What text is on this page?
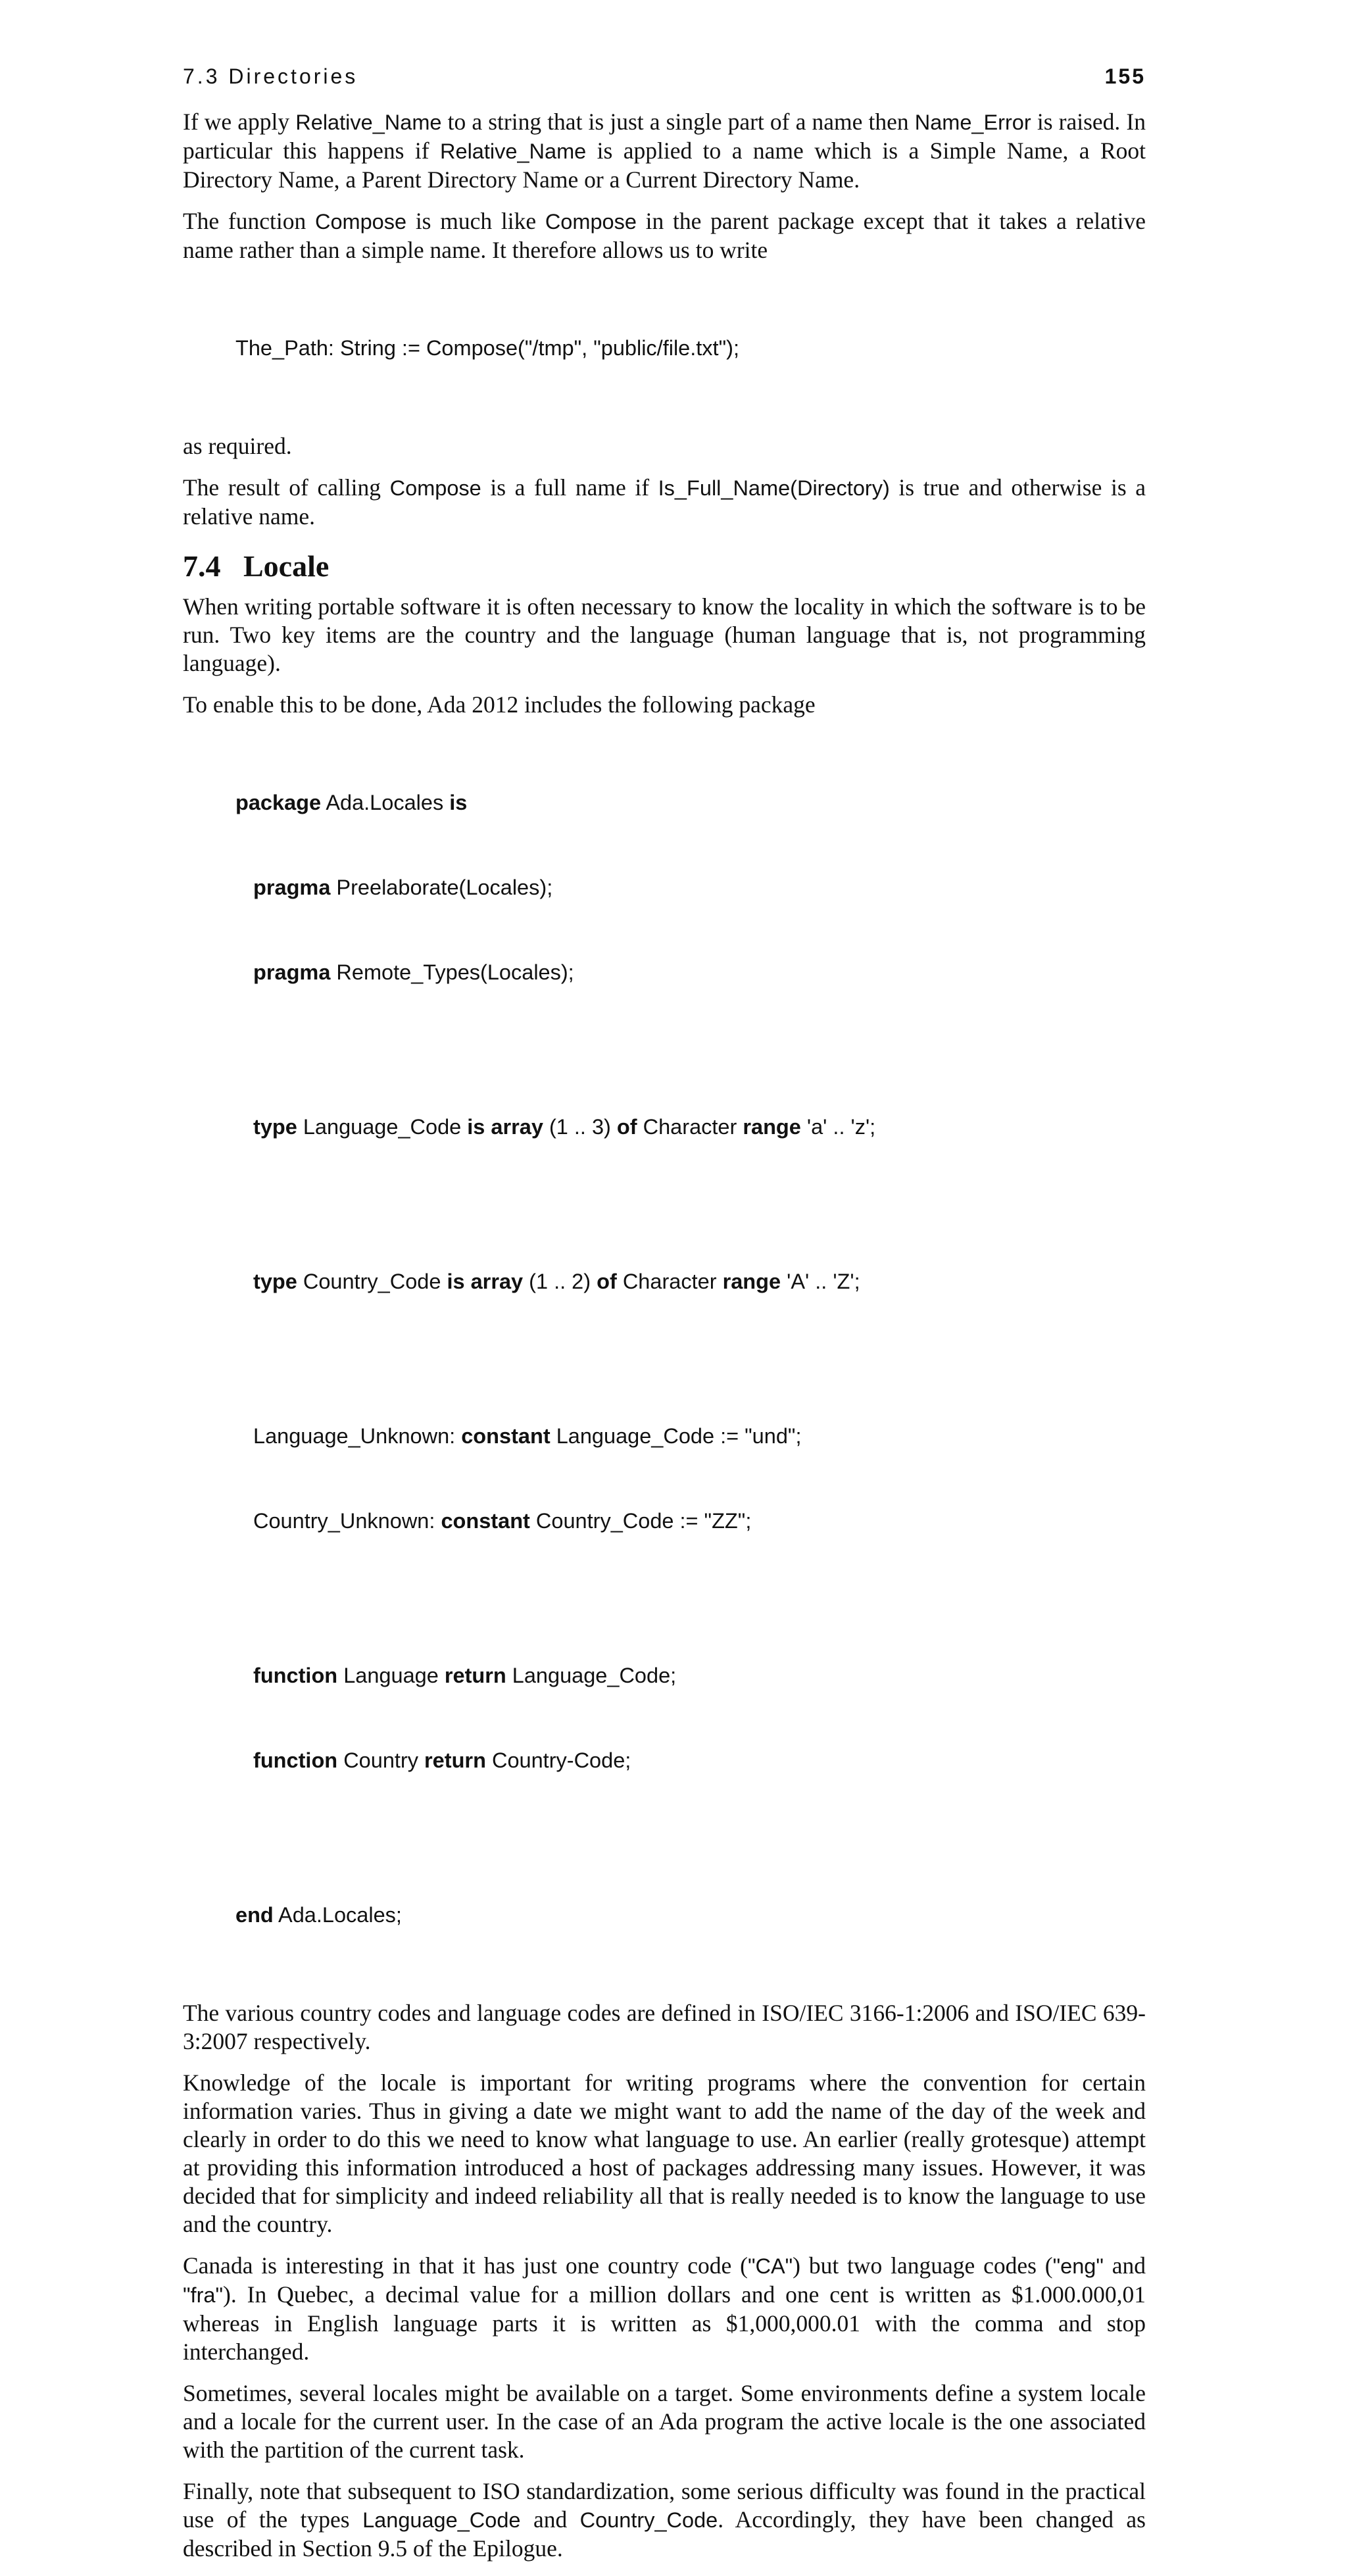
7.3 Directories	155

If we apply Relative_Name to a string that is just a single part of a name then Name_Error is raised. In particular this happens if Relative_Name is applied to a name which is a Simple Name, a Root Directory Name, a Parent Directory Name or a Current Directory Name.

The function Compose is much like Compose in the parent package except that it takes a relative name rather than a simple name. It therefore allows us to write

The_Path: String := Compose("/tmp", "public/file.txt");

as required.

The result of calling Compose is a full name if Is_Full_Name(Directory) is true and otherwise is a relative name.

7.4 Locale

When writing portable software it is often necessary to know the locality in which the software is to be run. Two key items are the country and the language (human language that is, not programming language).

To enable this to be done, Ada 2012 includes the following package

package Ada.Locales is

pragma Preelaborate(Locales);

pragma Remote_Types(Locales);

type Language_Code is array (1 .. 3) of Character range 'a' .. 'z';

type Country_Code is array (1 .. 2) of Character range 'A' .. 'Z';

Language_Unknown: constant Language_Code := "und";

Country_Unknown: constant Country_Code := "ZZ";

function Language return Language_Code;

function Country return Country-Code;

end Ada.Locales;

The various country codes and language codes are defined in ISO/IEC 3166-1:2006 and ISO/IEC 639-3:2007 respectively.

Knowledge of the locale is important for writing programs where the convention for certain information varies. Thus in giving a date we might want to add the name of the day of the week and clearly in order to do this we need to know what language to use. An earlier (really grotesque) attempt at providing this information introduced a host of packages addressing many issues. However, it was decided that for simplicity and indeed reliability all that is really needed is to know the language to use and the country.

Canada is interesting in that it has just one country code ("CA") but two language codes ("eng" and "fra"). In Quebec, a decimal value for a million dollars and one cent is written as $1.000.000,01 whereas in English language parts it is written as $1,000,000.01 with the comma and stop interchanged.

Sometimes, several locales might be available on a target. Some environments define a system locale and a locale for the current user. In the case of an Ada program the active locale is the one associated with the partition of the current task.

Finally, note that subsequent to ISO standardization, some serious difficulty was found in the practical use of the types Language_Code and Country_Code. Accordingly, they have been changed as described in Section 9.5 of the Epilogue.
